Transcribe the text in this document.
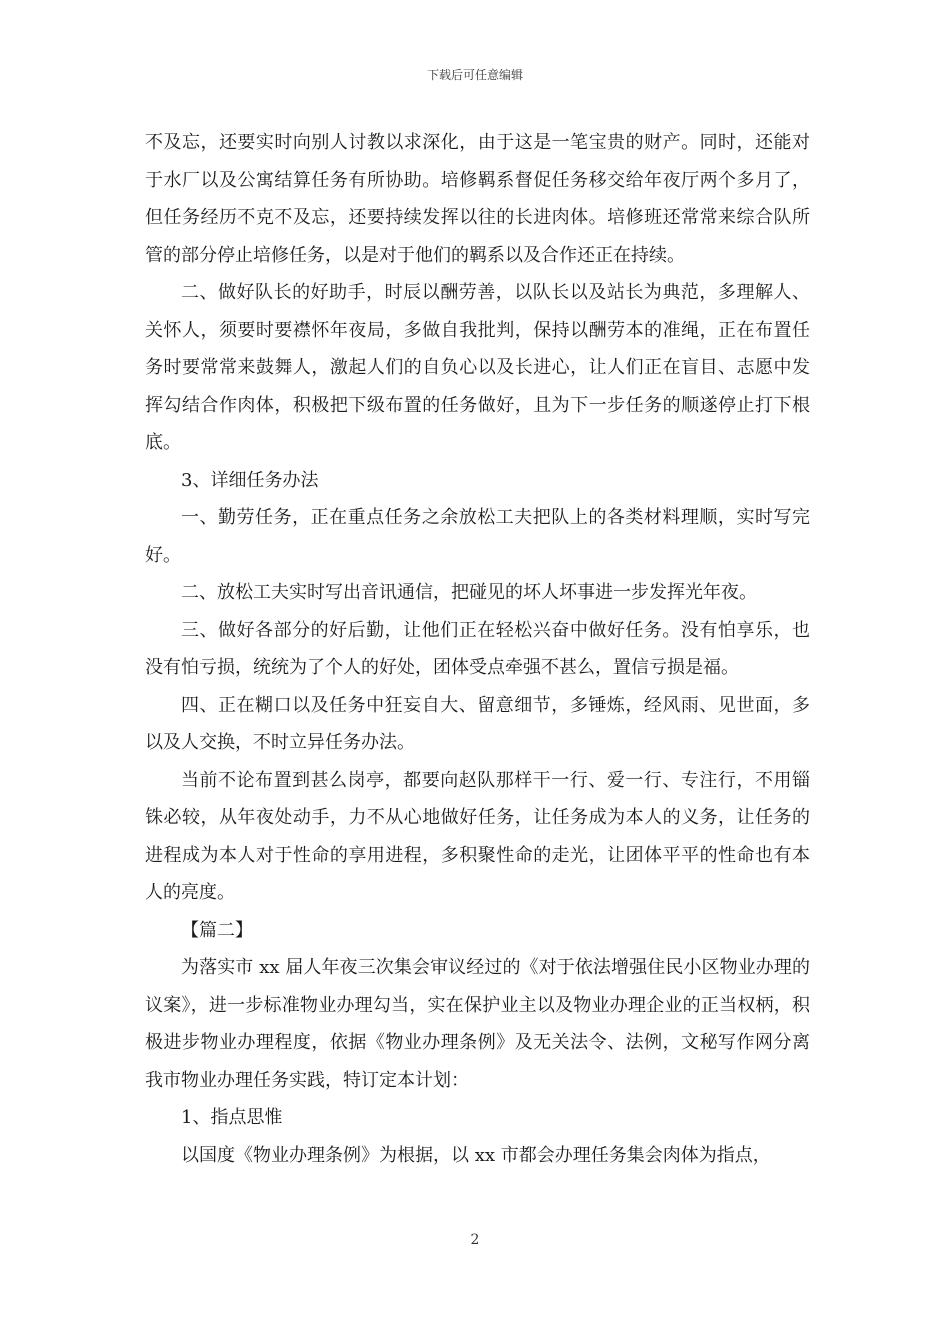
下载后可任意编辑

不及忘，还要实时向别人讨教以求深化，由于这是一笔宝贵的财产。同时，还能对于水厂以及公寓结算任务有所协助。培修羁系督促任务移交给年夜厅两个多月了，但任务经历不克不及忘，还要持续发挥以往的长进肉体。培修班还常常来综合队所管的部分停止培修任务，以是对于他们的羁系以及合作还正在持续。

二、做好队长的好助手，时辰以酬劳善，以队长以及站长为典范，多理解人、关怀人，须要时要襟怀年夜局，多做自我批判，保持以酬劳本的准绳，正在布置任务时要常常来鼓舞人，激起人们的自负心以及长进心，让人们正在盲目、志愿中发挥勾结合作肉体，积极把下级布置的任务做好，且为下一步任务的顺遂停止打下根底。

3、详细任务办法

一、勤劳任务，正在重点任务之余放松工夫把队上的各类材料理顺，实时写完好。

二、放松工夫实时写出音讯通信，把碰见的坏人坏事进一步发挥光年夜。

三、做好各部分的好后勤，让他们正在轻松兴奋中做好任务。没有怕享乐，也没有怕亏损，统统为了个人的好处，团体受点牵强不甚么，置信亏损是福。

四、正在糊口以及任务中狂妄自大、留意细节，多锤炼，经风雨、见世面，多以及人交换，不时立异任务办法。

当前不论布置到甚么岗亭，都要向赵队那样干一行、爱一行、专注行，不用锱铢必较，从年夜处动手，力不从心地做好任务，让任务成为本人的义务，让任务的进程成为本人对于性命的享用进程，多积聚性命的走光，让团体平平的性命也有本人的亮度。

【篇二】

为落实市 xx 届人年夜三次集会审议经过的《对于依法增强住民小区物业办理的议案》，进一步标准物业办理勾当，实在保护业主以及物业办理企业的正当权柄，积极进步物业办理程度，依据《物业办理条例》及无关法令、法例，文秘写作网分离我市物业办理任务实践，特订定本计划：

1、指点思惟

以国度《物业办理条例》为根据，以 xx 市都会办理任务集会肉体为指点，

2
